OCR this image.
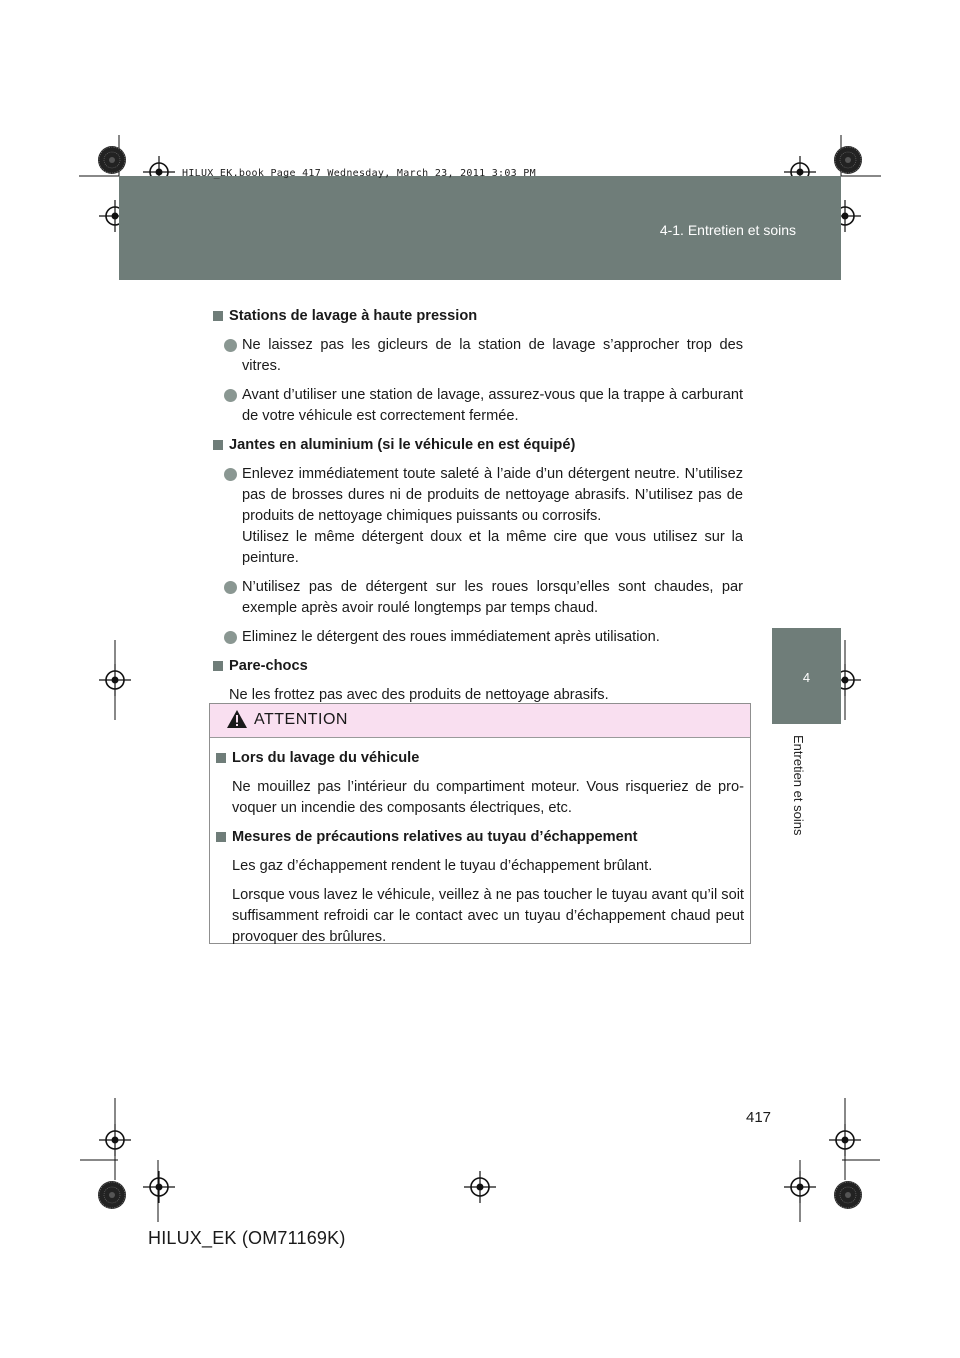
4-1. Entretien et soins
HILUX_EK.book Page 417 Wednesday, March 23, 2011 3:03 PM
4
Entretien et soins

Stations de lavage à haute pression

Ne laissez pas les gicleurs de la station de lavage s’approcher trop des vitres.

Avant d’utiliser une station de lavage, assurez-vous que la trappe à carburant de votre véhicule est correctement fermée.

Jantes en aluminium (si le véhicule en est équipé)

Enlevez immédiatement toute saleté à l’aide d’un détergent neutre. N’utilisez pas de brosses dures ni de produits de nettoyage abrasifs. N’utilisez pas de produits de nettoyage chimiques puissants ou corrosifs.

Utilisez le même détergent doux et la même cire que vous utilisez sur la peinture.

N’utilisez pas de détergent sur les roues lorsqu’elles sont chaudes, par exemple après avoir roulé longtemps par temps chaud.

Eliminez le détergent des roues immédiatement après utilisation.

Pare-chocs

Ne les frottez pas avec des produits de nettoyage abrasifs.

ATTENTION

Lors du lavage du véhicule

Ne mouillez pas l’intérieur du compartiment moteur. Vous risqueriez de provoquer un incendie des composants électriques, etc.

Mesures de précautions relatives au tuyau d’échappement

Les gaz d’échappement rendent le tuyau d’échappement brûlant.

Lorsque vous lavez le véhicule, veillez à ne pas toucher le tuyau avant qu’il soit suffisamment refroidi car le contact avec un tuyau d’échappement chaud peut provoquer des brûlures.

417
HILUX_EK (OM71169K)
